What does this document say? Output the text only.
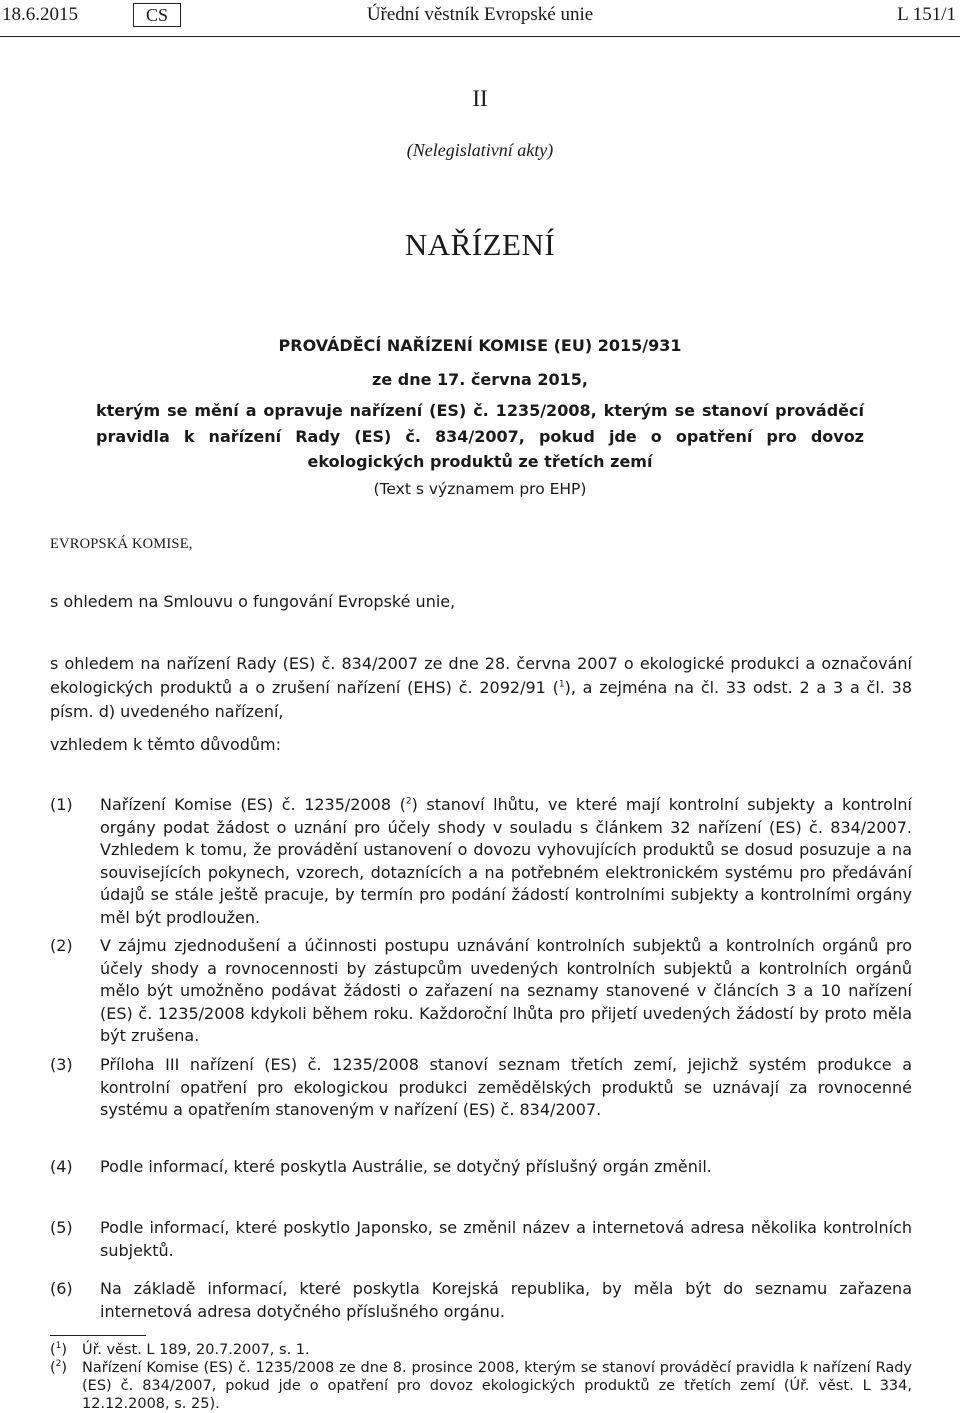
18.6.2015	CS	Úřední věstník Evropské unie	L 151/1
II
(Nelegislativní akty)
NAŘÍZENÍ
PROVÁDĚCÍ NAŘÍZENÍ KOMISE (EU) 2015/931
ze dne 17. června 2015,
kterým se mění a opravuje nařízení (ES) č. 1235/2008, kterým se stanoví prováděcí pravidla k nařízení Rady (ES) č. 834/2007, pokud jde o opatření pro dovoz ekologických produktů ze třetích zemí
(Text s významem pro EHP)
EVROPSKÁ KOMISE,
s ohledem na Smlouvu o fungování Evropské unie,
s ohledem na nařízení Rady (ES) č. 834/2007 ze dne 28. června 2007 o ekologické produkci a označování ekologických produktů a o zrušení nařízení (EHS) č. 2092/91 ($^1$), a zejména na čl. 33 odst. 2 a 3 a čl. 38 písm. d) uvedeného nařízení,
vzhledem k těmto důvodům:
(1) Nařízení Komise (ES) č. 1235/2008 ($^2$) stanoví lhůtu, ve které mají kontrolní subjekty a kontrolní orgány podat žádost o uznání pro účely shody v souladu s článkem 32 nařízení (ES) č. 834/2007. Vzhledem k tomu, že provádění ustanovení o dovozu vyhovujících produktů se dosud posuzuje a na souvisejících pokynech, vzorech, dotaznících a na potřebném elektronickém systému pro předávání údajů se stále ještě pracuje, by termín pro podání žádostí kontrolními subjekty a kontrolními orgány měl být prodloužen.
(2) V zájmu zjednodušení a účinnosti postupu uznávání kontrolních subjektů a kontrolních orgánů pro účely shody a rovnocennosti by zástupcům uvedených kontrolních subjektů a kontrolních orgánů mělo být umožněno podávat žádosti o zařazení na seznamy stanovené v článcích 3 a 10 nařízení (ES) č. 1235/2008 kdykoli během roku. Každoroční lhůta pro přijetí uvedených žádostí by proto měla být zrušena.
(3) Příloha III nařízení (ES) č. 1235/2008 stanoví seznam třetích zemí, jejichž systém produkce a kontrolní opatření pro ekologickou produkci zemědělských produktů se uznávají za rovnocenné systému a opatřením stanoveným v nařízení (ES) č. 834/2007.
(4) Podle informací, které poskytla Austrálie, se dotyčný příslušný orgán změnil.
(5) Podle informací, které poskytlo Japonsko, se změnil název a internetová adresa několika kontrolních subjektů.
(6) Na základě informací, které poskytla Korejská republika, by měla být do seznamu zařazena internetová adresa dotyčného příslušného orgánu.
($^1$) Úř. věst. L 189, 20.7.2007, s. 1.
($^2$) Nařízení Komise (ES) č. 1235/2008 ze dne 8. prosince 2008, kterým se stanoví prováděcí pravidla k nařízení Rady (ES) č. 834/2007, pokud jde o opatření pro dovoz ekologických produktů ze třetích zemí (Úř. věst. L 334, 12.12.2008, s. 25).
